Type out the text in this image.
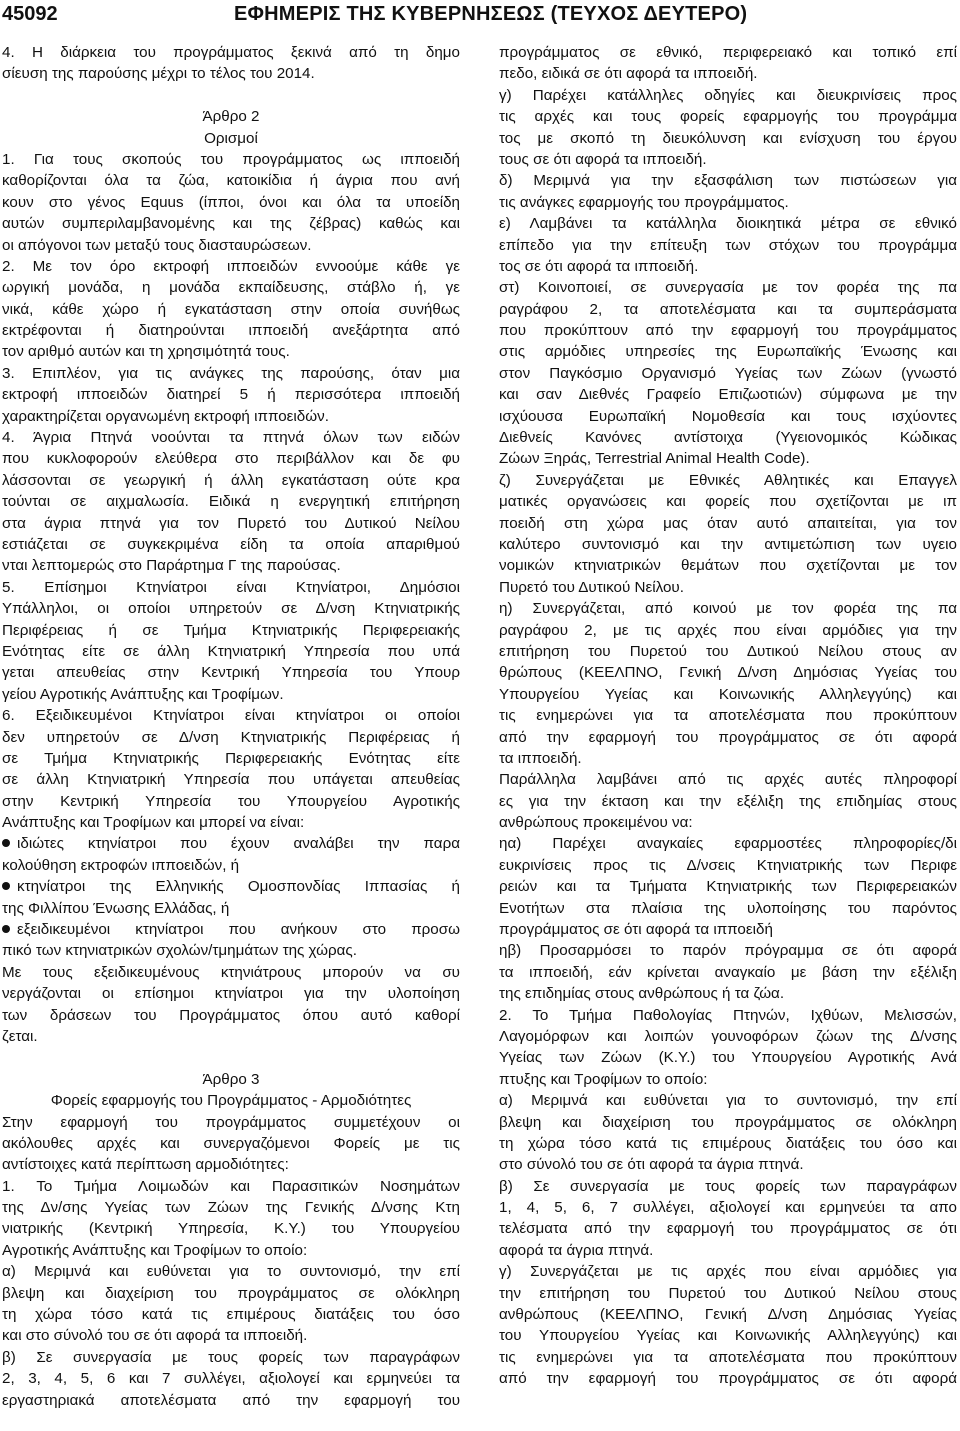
45092	ΕΦΗΜΕΡΙΣ ΤΗΣ ΚΥΒΕΡΝΗΣΕΩΣ (ΤΕΥΧΟΣ ΔΕΥΤΕΡΟ)
4. Η διάρκεια του προγράμματος ξεκινά από τη δημο
σίευση της παρούσης μέχρι το τέλος του 2014.

Άρθρο 2
Ορισμοί
1. Για τους σκοπούς του προγράμματος ως ιπποειδή
καθορίζονται όλα τα ζώα, κατοικίδια ή άγρια που ανή
κουν στο γένος Equus (ίπποι, όνοι και όλα τα υποείδη
αυτών συμπεριλαμβανομένης και της ζέβρας) καθώς και
οι απόγονοι των μεταξύ τους διασταυρώσεων.
2. Με τον όρο εκτροφή ιπποειδών εννοούμε κάθε γε
ωργική μονάδα, η μονάδα εκπαίδευσης, στάβλο ή, γε
νικά, κάθε χώρο ή εγκατάσταση στην οποία συνήθως
εκτρέφονται ή διατηρούνται ιπποειδή ανεξάρτητα από
τον αριθμό αυτών και τη χρησιμότητά τους.
3. Επιπλέον, για τις ανάγκες της παρούσης, όταν μια
εκτροφή ιπποειδών διατηρεί 5 ή περισσότερα ιπποειδή
χαρακτηρίζεται οργανωμένη εκτροφή ιπποειδών.
4. Άγρια Πτηνά νοούνται τα πτηνά όλων των ειδών
που κυκλοφορούν ελεύθερα στο περιβάλλον και δε φυ
λάσσονται σε γεωργική ή άλλη εγκατάσταση ούτε κρα
τούνται σε αιχμαλωσία. Ειδικά η ενεργητική επιτήρηση
στα άγρια πτηνά για τον Πυρετό του Δυτικού Νείλου
εστιάζεται σε συγκεκριμένα είδη τα οποία απαριθμού
νται λεπτομερώς στο Παράρτημα Γ της παρούσας.
5. Επίσημοι Κτηνίατροι είναι Κτηνίατροι, Δημόσιοι
Υπάλληλοι, οι οποίοι υπηρετούν σε Δ/νση Κτηνιατρικής
Περιφέρειας ή σε Τμήμα Κτηνιατρικής Περιφερειακής
Ενότητας είτε σε άλλη Κτηνιατρική Υπηρεσία που υπά
γεται απευθείας στην Κεντρική Υπηρεσία του Υπουρ
γείου Αγροτικής Ανάπτυξης και Τροφίμων.
6. Εξειδικευμένοι Κτηνίατροι είναι κτηνίατροι οι οποίοι
δεν υπηρετούν σε Δ/νση Κτηνιατρικής Περιφέρειας ή
σε Τμήμα Κτηνιατρικής Περιφερειακής Ενότητας είτε
σε άλλη Κτηνιατρική Υπηρεσία που υπάγεται απευθείας
στην Κεντρική Υπηρεσία του Υπουργείου Αγροτικής
Ανάπτυξης και Τροφίμων και μπορεί να είναι:
ιδιώτες κτηνίατροι που έχουν αναλάβει την παρα
κολούθηση εκτροφών ιπποειδών, ή
κτηνίατροι της Ελληνικής Ομοσπονδίας Ιππασίας ή
της Φιλλίπου Ένωσης Ελλάδας, ή
εξειδικευμένοι κτηνίατροι που ανήκουν στο προσω
πικό των κτηνιατρικών σχολών/τμημάτων της χώρας.
Με τους εξειδικευμένους κτηνιάτρους μπορούν να συ
νεργάζονται οι επίσημοι κτηνίατροι για την υλοποίηση
των δράσεων του Προγράμματος όπου αυτό καθορί
ζεται.

Άρθρο 3
Φορείς εφαρμογής του Προγράμματος - Αρμοδιότητες
Στην εφαρμογή του προγράμματος συμμετέχουν οι
ακόλουθες αρχές και συνεργαζόμενοι Φορείς με τις
αντίστοιχες κατά περίπτωση αρμοδιότητες:
1. Το Τμήμα Λοιμωδών και Παρασιτικών Νοσημάτων
της Δν/σης Υγείας των Ζώων της Γενικής Δ/νσης Κτη
νιατρικής (Κεντρική Υπηρεσία, Κ.Υ.) του Υπουργείου
Αγροτικής Ανάπτυξης και Τροφίμων το οποίο:
α) Μεριμνά και ευθύνεται για το συντονισμό, την επί
βλεψη και διαχείριση του προγράμματος σε ολόκληρη
τη χώρα τόσο κατά τις επιμέρους διατάξεις του όσο
και στο σύνολό του σε ότι αφορά τα ιπποειδή.
β) Σε συνεργασία με τους φορείς των παραγράφων
2, 3, 4, 5, 6 και 7 συλλέγει, αξιολογεί και ερμηνεύει τα
εργαστηριακά αποτελέσματα από την εφαρμογή του
προγράμματος σε εθνικό, περιφερειακό και τοπικό επί
πεδο, ειδικά σε ότι αφορά τα ιπποειδή.
γ) Παρέχει κατάλληλες οδηγίες και διευκρινίσεις προς
τις αρχές και τους φορείς εφαρμογής του προγράμμα
τος με σκοπό τη διευκόλυνση και ενίσχυση του έργου
τους σε ότι αφορά τα ιπποειδή.
δ) Μεριμνά για την εξασφάλιση των πιστώσεων για
τις ανάγκες εφαρμογής του προγράμματος.
ε) Λαμβάνει τα κατάλληλα διοικητικά μέτρα σε εθνικό
επίπεδο για την επίτευξη των στόχων του προγράμμα
τος σε ότι αφορά τα ιπποειδή.
στ) Κοινοποιεί, σε συνεργασία με τον φορέα της πα
ραγράφου 2, τα αποτελέσματα και τα συμπεράσματα
που προκύπτουν από την εφαρμογή του προγράμματος
στις αρμόδιες υπηρεσίες της Ευρωπαϊκής Ένωσης και
στον Παγκόσμιο Οργανισμό Υγείας των Ζώων (γνωστό
και σαν Διεθνές Γραφείο Επιζωοτιών) σύμφωνα με την
ισχύουσα Ευρωπαϊκή Νομοθεσία και τους ισχύοντες
Διεθνείς Κανόνες αντίστοιχα (Υγειονομικός Κώδικας
Ζώων Ξηράς, Terrestrial Animal Health Code).
ζ) Συνεργάζεται με Εθνικές Αθλητικές και Επαγγελ
ματικές οργανώσεις και φορείς που σχετίζονται με ιπ
ποειδή στη χώρα μας όταν αυτό απαιτείται, για τον
καλύτερο συντονισμό και την αντιμετώπιση των υγειο
νομικών κτηνιατρικών θεμάτων που σχετίζονται με τον
Πυρετό του Δυτικού Νείλου.
η) Συνεργάζεται, από κοινού με τον φορέα της πα
ραγράφου 2, με τις αρχές που είναι αρμόδιες για την
επιτήρηση του Πυρετού του Δυτικού Νείλου στους αν
θρώπους (ΚΕΕΛΠΝΟ, Γενική Δ/νση Δημόσιας Υγείας του
Υπουργείου Υγείας και Κοινωνικής Αλληλεγγύης) και
τις ενημερώνει για τα αποτελέσματα που προκύπτουν
από την εφαρμογή του προγράμματος σε ότι αφορά
τα ιπποειδή.
Παράλληλα λαμβάνει από τις αρχές αυτές πληροφορί
ες για την έκταση και την εξέλιξη της επιδημίας στους
ανθρώπους προκειμένου να:
ηα) Παρέχει αναγκαίες εφαρμοστέες πληροφορίες/δι
ευκρινίσεις προς τις Δ/νσεις Κτηνιατρικής των Περιφε
ρειών και τα Τμήματα Κτηνιατρικής των Περιφερειακών
Ενοτήτων στα πλαίσια της υλοποίησης του παρόντος
προγράμματος σε ότι αφορά τα ιπποειδή
ηβ) Προσαρμόσει το παρόν πρόγραμμα σε ότι αφορά
τα ιπποειδή, εάν κρίνεται αναγκαίο με βάση την εξέλιξη
της επιδημίας στους ανθρώπους ή τα ζώα.
2. Το Τμήμα Παθολογίας Πτηνών, Ιχθύων, Μελισσών,
Λαγομόρφων και λοιπών γουνοφόρων ζώων της Δ/νσης
Υγείας των Ζώων (Κ.Υ.) του Υπουργείου Αγροτικής Ανά
πτυξης και Τροφίμων το οποίο:
α) Μεριμνά και ευθύνεται για το συντονισμό, την επί
βλεψη και διαχείριση του προγράμματος σε ολόκληρη
τη χώρα τόσο κατά τις επιμέρους διατάξεις του όσο και
στο σύνολό του σε ότι αφορά τα άγρια πτηνά.
β) Σε συνεργασία με τους φορείς των παραγράφων
1, 4, 5, 6, 7 συλλέγει, αξιολογεί και ερμηνεύει τα απο
τελέσματα από την εφαρμογή του προγράμματος σε ότι
αφορά τα άγρια πτηνά.
γ) Συνεργάζεται με τις αρχές που είναι αρμόδιες για
την επιτήρηση του Πυρετού του Δυτικού Νείλου στους
ανθρώπους (ΚΕΕΛΠΝΟ, Γενική Δ/νση Δημόσιας Υγείας
του Υπουργείου Υγείας και Κοινωνικής Αλληλεγγύης) και
τις ενημερώνει για τα αποτελέσματα που προκύπτουν
από την εφαρμογή του προγράμματος σε ότι αφορά
